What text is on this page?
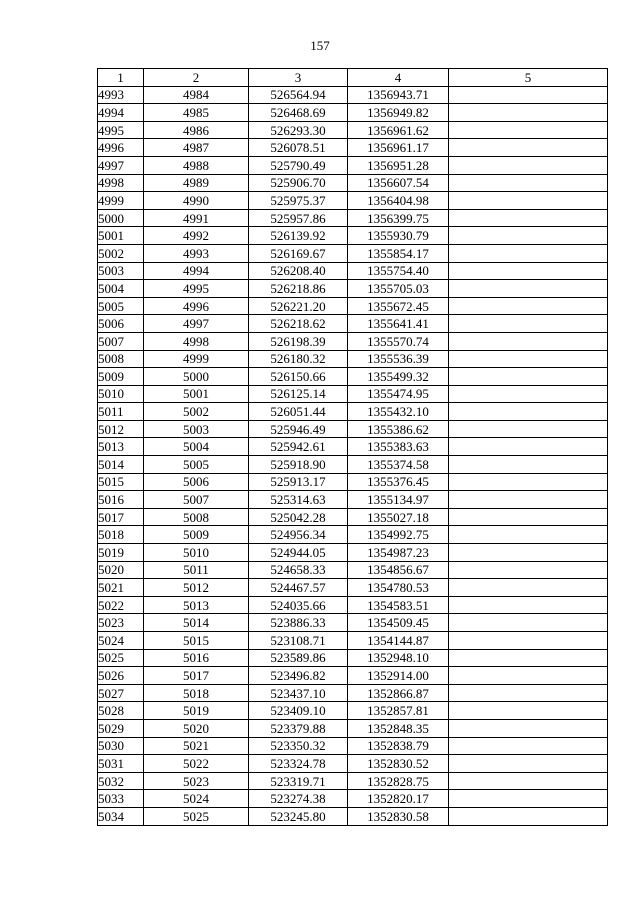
157
1	2	3	4	5
4993	4984	526564.94	1356943.71	
4994	4985	526468.69	1356949.82	
4995	4986	526293.30	1356961.62	
4996	4987	526078.51	1356961.17	
4997	4988	525790.49	1356951.28	
4998	4989	525906.70	1356607.54	
4999	4990	525975.37	1356404.98	
5000	4991	525957.86	1356399.75	
5001	4992	526139.92	1355930.79	
5002	4993	526169.67	1355854.17	
5003	4994	526208.40	1355754.40	
5004	4995	526218.86	1355705.03	
5005	4996	526221.20	1355672.45	
5006	4997	526218.62	1355641.41	
5007	4998	526198.39	1355570.74	
5008	4999	526180.32	1355536.39	
5009	5000	526150.66	1355499.32	
5010	5001	526125.14	1355474.95	
5011	5002	526051.44	1355432.10	
5012	5003	525946.49	1355386.62	
5013	5004	525942.61	1355383.63	
5014	5005	525918.90	1355374.58	
5015	5006	525913.17	1355376.45	
5016	5007	525314.63	1355134.97	
5017	5008	525042.28	1355027.18	
5018	5009	524956.34	1354992.75	
5019	5010	524944.05	1354987.23	
5020	5011	524658.33	1354856.67	
5021	5012	524467.57	1354780.53	
5022	5013	524035.66	1354583.51	
5023	5014	523886.33	1354509.45	
5024	5015	523108.71	1354144.87	
5025	5016	523589.86	1352948.10	
5026	5017	523496.82	1352914.00	
5027	5018	523437.10	1352866.87	
5028	5019	523409.10	1352857.81	
5029	5020	523379.88	1352848.35	
5030	5021	523350.32	1352838.79	
5031	5022	523324.78	1352830.52	
5032	5023	523319.71	1352828.75	
5033	5024	523274.38	1352820.17	
5034	5025	523245.80	1352830.58	
